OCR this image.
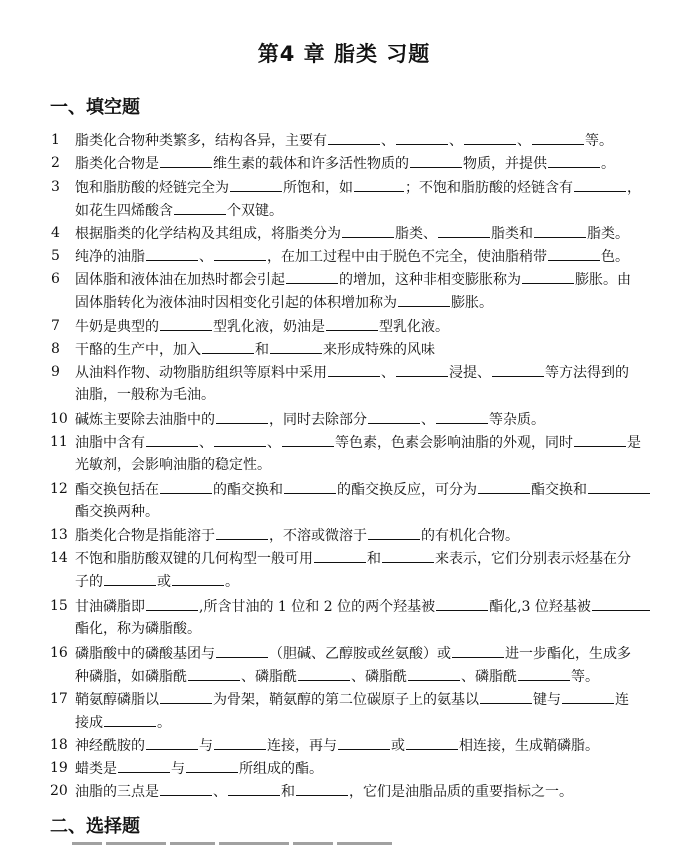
第4 章 脂类 习题
一、填空题
1	脂类化合物种类繁多，结构各异，主要有	、	、	、	等。
2	脂类化合物是	维生素的载体和许多活性物质的	物质，并提供	。
3	饱和脂肪酸的烃链完全为	所饱和，如	；不饱和脂肪酸的烃链含有	，
如花生四烯酸含	个双键。
4	根据脂类的化学结构及其组成，将脂类分为	脂类、	脂类和	脂类。
5	纯净的油脂	、	，在加工过程中由于脱色不完全，使油脂稍带	色。
6	固体脂和液体油在加热时都会引起	的增加，这种非相变膨胀称为	膨胀。由
固体脂转化为液体油时因相变化引起的体积增加称为	膨胀。
7	牛奶是典型的	型乳化液，奶油是	型乳化液。
8	干酪的生产中，加入	和	来形成特殊的风味
9	从油料作物、动物脂肪组织等原料中采用	、	浸提、	等方法得到的
油脂，一般称为毛油。
10 碱炼主要除去油脂中的	，同时去除部分	、	等杂质。
11 油脂中含有	、	、	等色素，色素会影响油脂的外观，同时	是
光敏剂，会影响油脂的稳定性。
12 酯交换包括在	的酯交换和	的酯交换反应，可分为	酯交换和
酯交换两种。
13 脂类化合物是指能溶于	，不溶或微溶于	的有机化合物。
14 不饱和脂肪酸双键的几何构型一般可用	和	来表示，它们分别表示烃基在分
子的	或	。
15 甘油磷脂即	,所含甘油的 1 位和 2 位的两个羟基被	酯化,3 位羟基被
酯化，称为磷脂酸。
16 磷脂酸中的磷酸基团与	（胆碱、乙醇胺或丝氨酸）或	进一步酯化，生成多
种磷脂，如磷脂酰	、磷脂酰	、磷脂酰	、磷脂酰	等。
17 鞘氨醇磷脂以	为骨架，鞘氨醇的第二位碳原子上的氨基以	键与	连
接成	。
18 神经酰胺的	与	连接，再与	或	相连接，生成鞘磷脂。
19 蜡类是	与	所组成的酯。
20 油脂的三点是	、	和	，它们是油脂品质的重要指标之一。
二、选择题
